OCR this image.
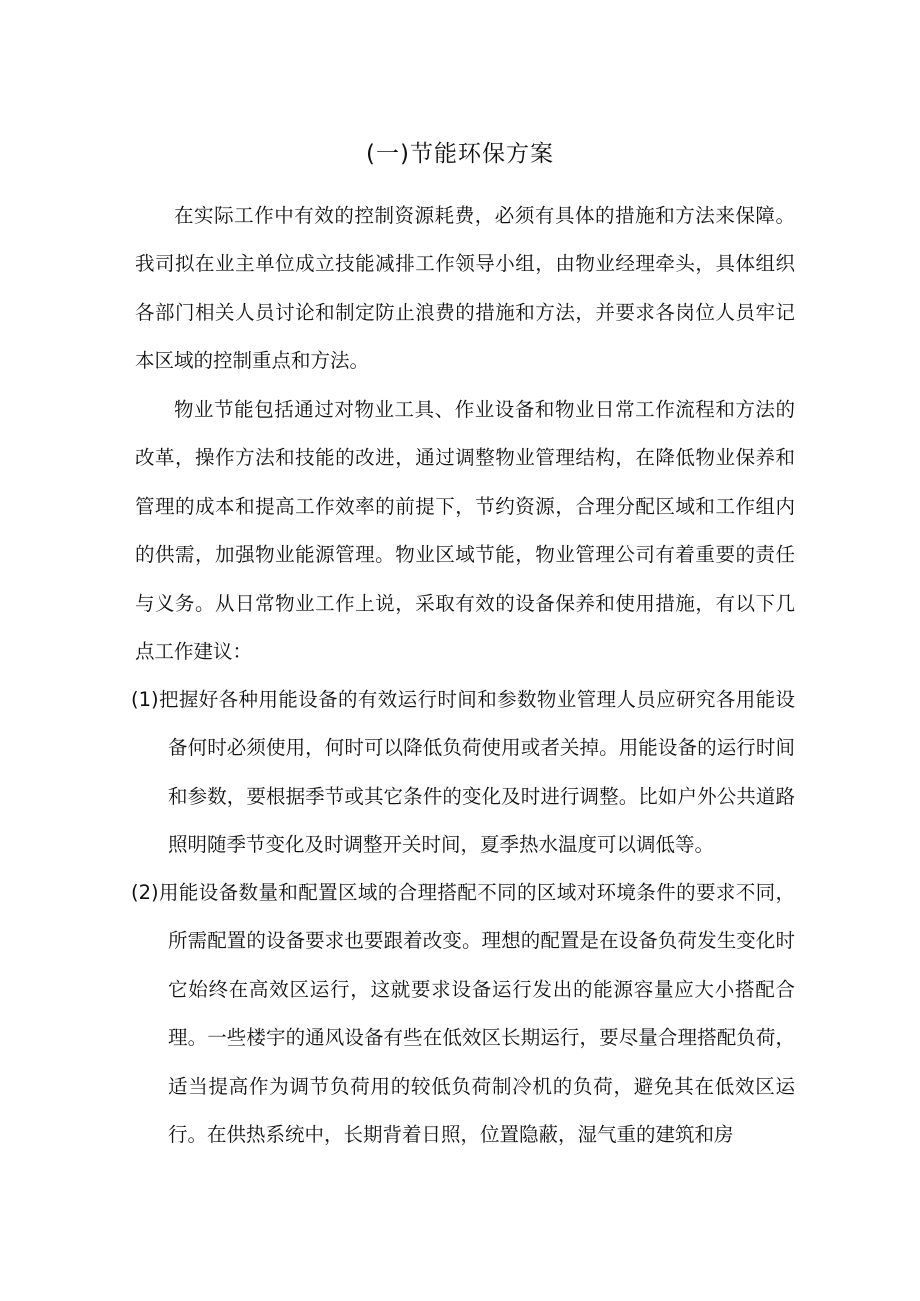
(一)节能环保方案

在实际工作中有效的控制资源耗费，必须有具体的措施和方法来保障。我司拟在业主单位成立技能减排工作领导小组，由物业经理牵头，具体组织各部门相关人员讨论和制定防止浪费的措施和方法，并要求各岗位人员牢记本区域的控制重点和方法。

物业节能包括通过对物业工具、作业设备和物业日常工作流程和方法的改革，操作方法和技能的改进，通过调整物业管理结构，在降低物业保养和管理的成本和提高工作效率的前提下，节约资源，合理分配区域和工作组内的供需，加强物业能源管理。物业区域节能，物业管理公司有着重要的责任与义务。从日常物业工作上说，采取有效的设备保养和使用措施，有以下几点工作建议：

(1)把握好各种用能设备的有效运行时间和参数物业管理人员应研究各用能设备何时必须使用，何时可以降低负荷使用或者关掉。用能设备的运行时间和参数，要根据季节或其它条件的变化及时进行调整。比如户外公共道路照明随季节变化及时调整开关时间，夏季热水温度可以调低等。

(2)用能设备数量和配置区域的合理搭配不同的区域对环境条件的要求不同，所需配置的设备要求也要跟着改变。理想的配置是在设备负荷发生变化时它始终在高效区运行，这就要求设备运行发出的能源容量应大小搭配合理。一些楼宇的通风设备有些在低效区长期运行，要尽量合理搭配负荷，适当提高作为调节负荷用的较低负荷制冷机的负荷，避免其在低效区运行。在供热系统中，长期背着日照，位置隐蔽，湿气重的建筑和房
